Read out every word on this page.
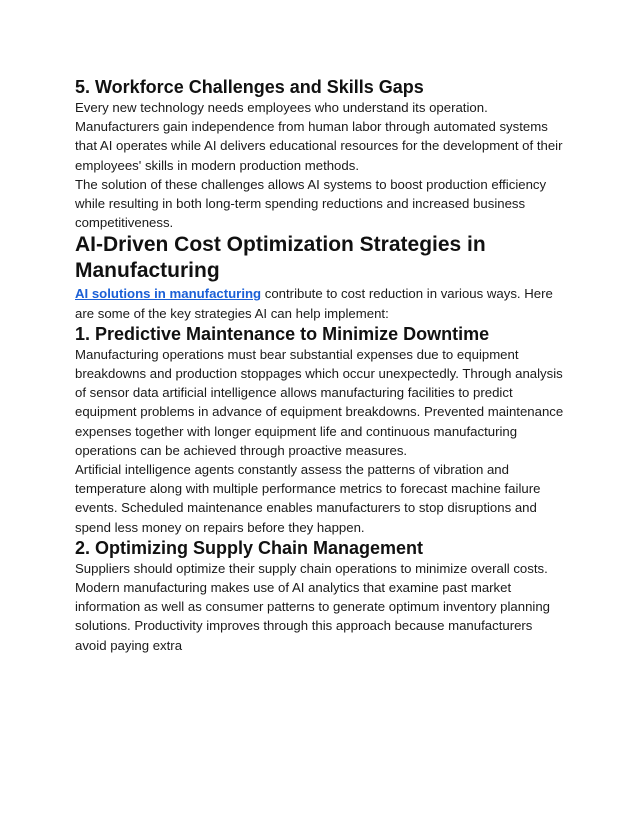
5. Workforce Challenges and Skills Gaps

Every new technology needs employees who understand its operation. Manufacturers gain independence from human labor through automated systems that AI operates while AI delivers educational resources for the development of their employees' skills in modern production methods.

The solution of these challenges allows AI systems to boost production efficiency while resulting in both long-term spending reductions and increased business competitiveness.

AI-Driven Cost Optimization Strategies in Manufacturing

AI solutions in manufacturing contribute to cost reduction in various ways. Here are some of the key strategies AI can help implement:

1. Predictive Maintenance to Minimize Downtime

Manufacturing operations must bear substantial expenses due to equipment breakdowns and production stoppages which occur unexpectedly. Through analysis of sensor data artificial intelligence allows manufacturing facilities to predict equipment problems in advance of equipment breakdowns. Prevented maintenance expenses together with longer equipment life and continuous manufacturing operations can be achieved through proactive measures.

Artificial intelligence agents constantly assess the patterns of vibration and temperature along with multiple performance metrics to forecast machine failure events. Scheduled maintenance enables manufacturers to stop disruptions and spend less money on repairs before they happen.

2. Optimizing Supply Chain Management

Suppliers should optimize their supply chain operations to minimize overall costs. Modern manufacturing makes use of AI analytics that examine past market information as well as consumer patterns to generate optimum inventory planning solutions. Productivity improves through this approach because manufacturers avoid paying extra
